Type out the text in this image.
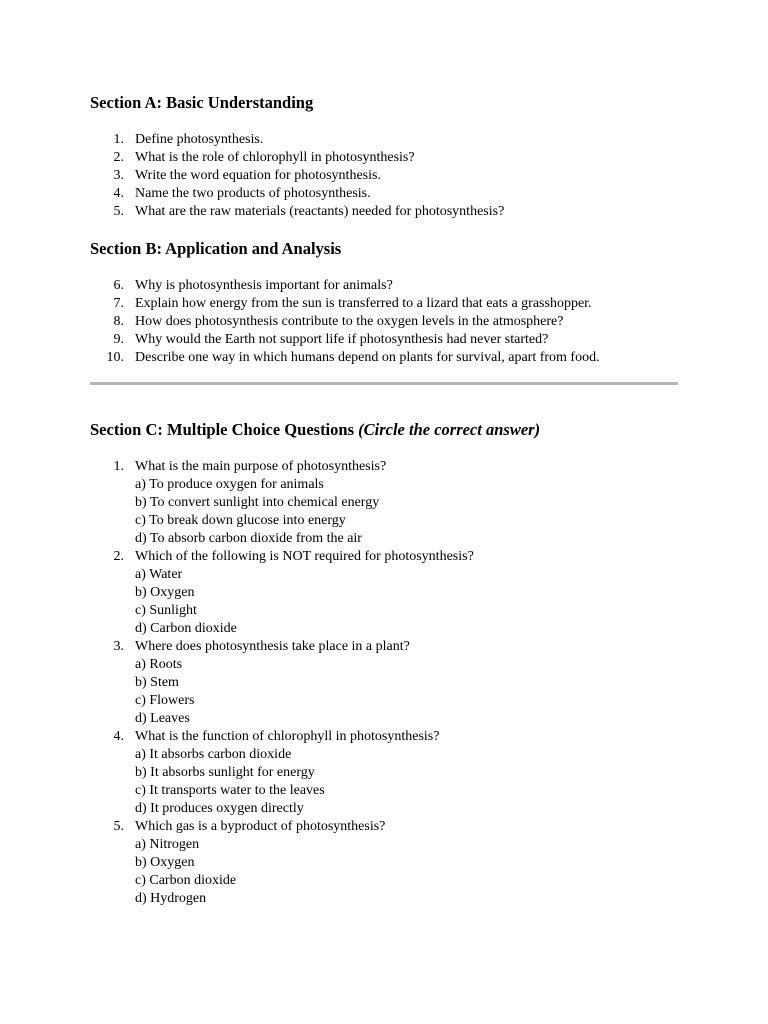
Section A: Basic Understanding
1. Define photosynthesis.
2. What is the role of chlorophyll in photosynthesis?
3. Write the word equation for photosynthesis.
4. Name the two products of photosynthesis.
5. What are the raw materials (reactants) needed for photosynthesis?
Section B: Application and Analysis
6. Why is photosynthesis important for animals?
7. Explain how energy from the sun is transferred to a lizard that eats a grasshopper.
8. How does photosynthesis contribute to the oxygen levels in the atmosphere?
9. Why would the Earth not support life if photosynthesis had never started?
10. Describe one way in which humans depend on plants for survival, apart from food.
Section C: Multiple Choice Questions (Circle the correct answer)
1. What is the main purpose of photosynthesis?
a) To produce oxygen for animals
b) To convert sunlight into chemical energy
c) To break down glucose into energy
d) To absorb carbon dioxide from the air
2. Which of the following is NOT required for photosynthesis?
a) Water
b) Oxygen
c) Sunlight
d) Carbon dioxide
3. Where does photosynthesis take place in a plant?
a) Roots
b) Stem
c) Flowers
d) Leaves
4. What is the function of chlorophyll in photosynthesis?
a) It absorbs carbon dioxide
b) It absorbs sunlight for energy
c) It transports water to the leaves
d) It produces oxygen directly
5. Which gas is a byproduct of photosynthesis?
a) Nitrogen
b) Oxygen
c) Carbon dioxide
d) Hydrogen
